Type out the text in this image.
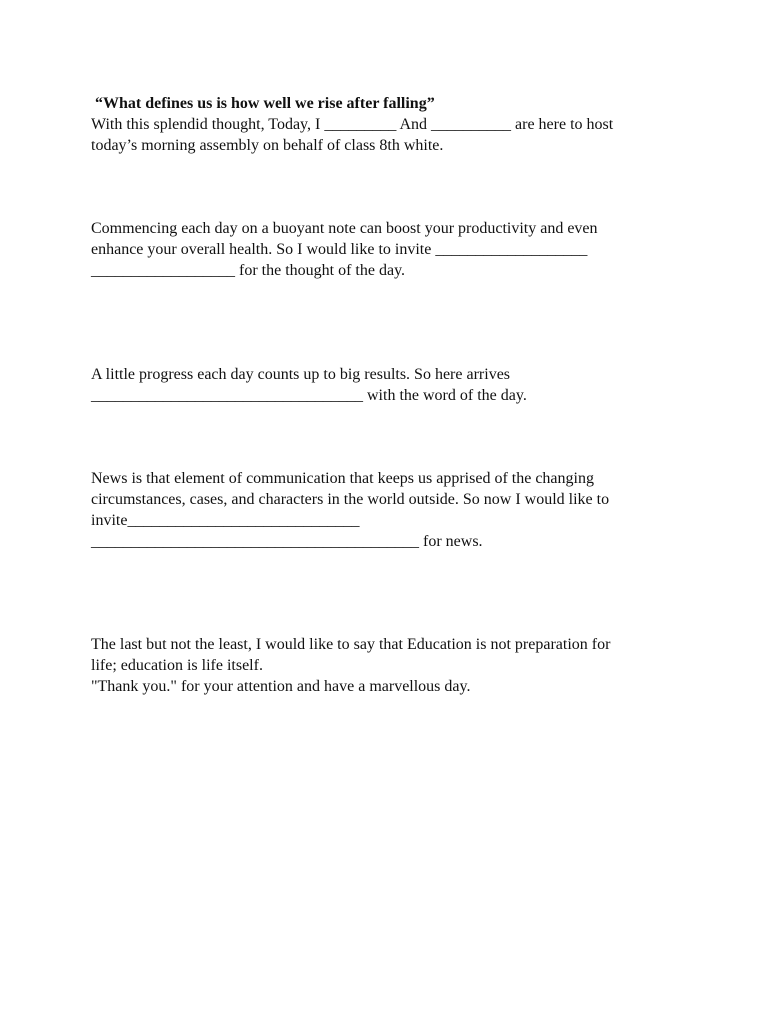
“What defines us is how well we rise after falling”

With this splendid thought, Today, I _________ And __________ are here to host

today’s morning assembly on behalf of class 8th white.

Commencing each day on a buoyant note can boost your productivity and even

enhance your overall health. So I would like to invite ___________________

__________________ for the thought of the day.

A little progress each day counts up to big results. So here arrives

__________________________________ with the word of the day.

News is that element of communication that keeps us apprised of the changing

circumstances, cases, and characters in the world outside. So now I would like to

invite_____________________________

_________________________________________ for news.

The last but not the least, I would like to say that Education is not preparation for

life; education is life itself.

"Thank you." for your attention and have a marvellous day.
